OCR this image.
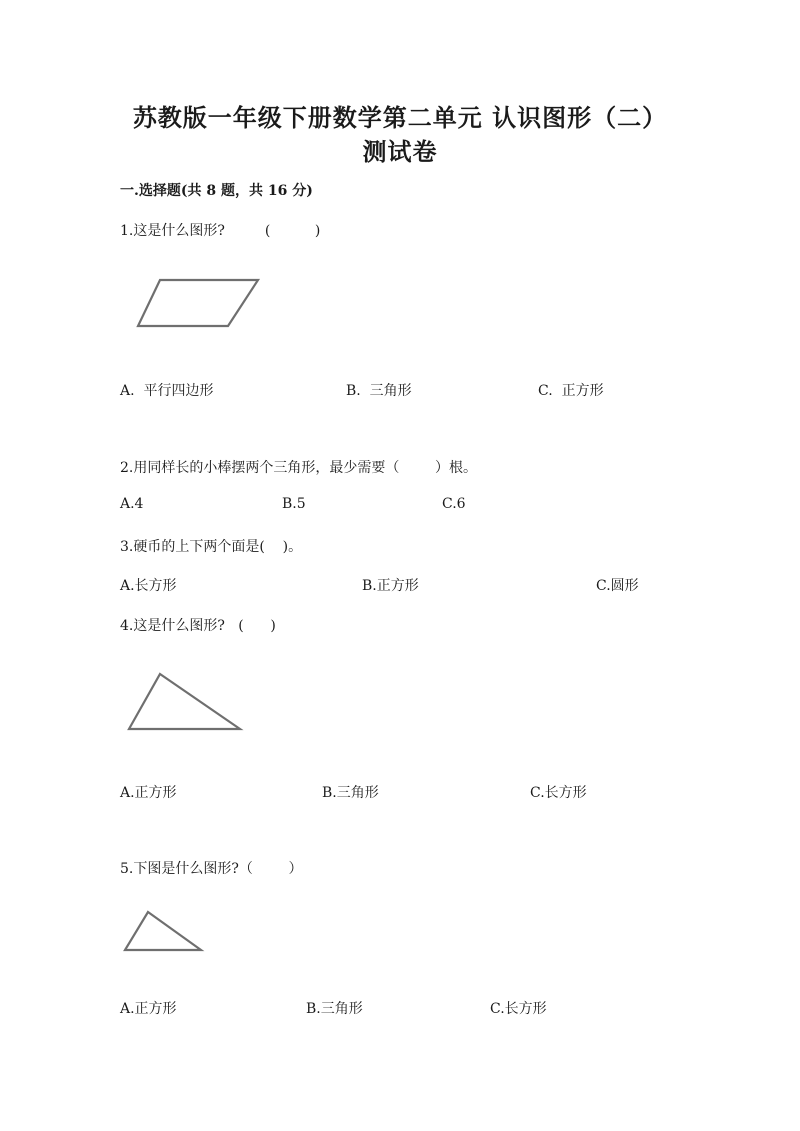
苏教版一年级下册数学第二单元 认识图形（二）
测试卷
一.选择题(共 8 题，共 16 分)
1.这是什么图形?         (          )
A.  平行四边形	B.  三角形	C.  正方形
2.用同样长的小棒摆两个三角形，最少需要（        ）根。
A.4	B.5	C.6
3.硬币的上下两个面是(    )。
A.长方形	B.正方形	C.圆形
4.这是什么图形?   (      )
A.正方形	B.三角形	C.长方形
5.下图是什么图形?（        ）
A.正方形	B.三角形	C.长方形
